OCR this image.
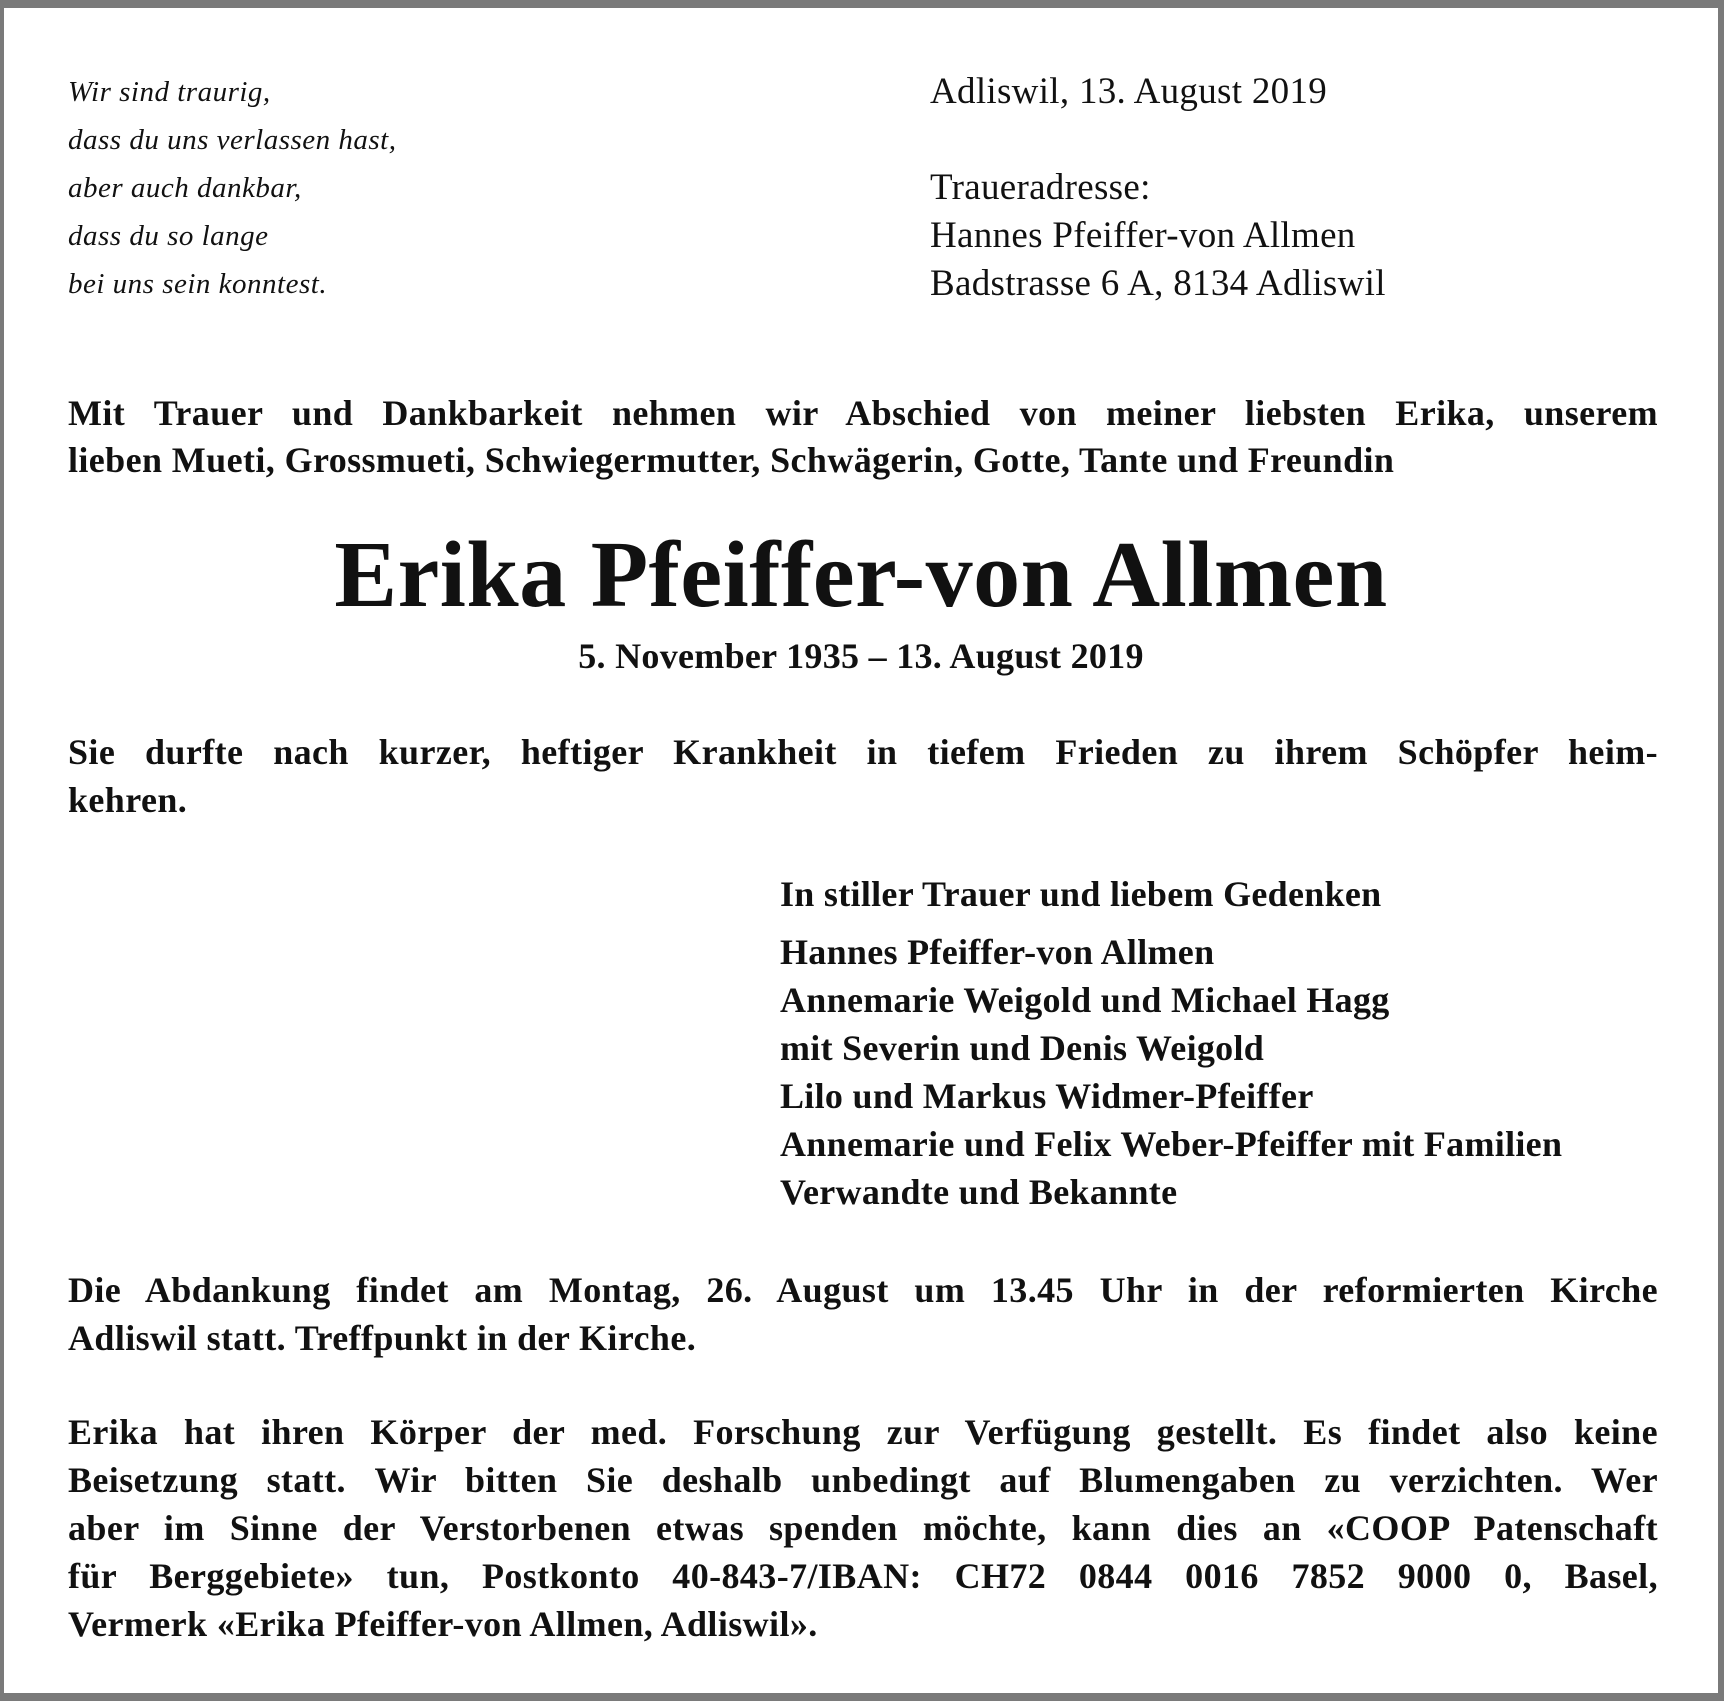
Wir sind traurig,
dass du uns verlassen hast,
aber auch dankbar,
dass du so lange
bei uns sein konntest.
Adliswil, 13. August 2019
Traueradresse:
Hannes Pfeiffer-von Allmen
Badstrasse 6 A, 8134 Adliswil
Mit Trauer und Dankbarkeit nehmen wir Abschied von meiner liebsten Erika, unserem
lieben Mueti, Grossmueti, Schwiegermutter, Schwägerin, Gotte, Tante und Freundin
Erika Pfeiffer-von Allmen
5. November 1935 – 13. August 2019
Sie durfte nach kurzer, heftiger Krankheit in tiefem Frieden zu ihrem Schöpfer heim-
kehren.
In stiller Trauer und liebem Gedenken
Hannes Pfeiffer-von Allmen
Annemarie Weigold und Michael Hagg
mit Severin und Denis Weigold
Lilo und Markus Widmer-Pfeiffer
Annemarie und Felix Weber-Pfeiffer mit Familien
Verwandte und Bekannte
Die Abdankung findet am Montag, 26. August um 13.45 Uhr in der reformierten Kirche
Adliswil statt. Treffpunkt in der Kirche.
Erika hat ihren Körper der med. Forschung zur Verfügung gestellt. Es findet also keine
Beisetzung statt. Wir bitten Sie deshalb unbedingt auf Blumengaben zu verzichten. Wer
aber im Sinne der Verstorbenen etwas spenden möchte, kann dies an «COOP Patenschaft
für Berggebiete» tun, Postkonto 40-843-7/IBAN: CH72 0844 0016 7852 9000 0, Basel,
Vermerk «Erika Pfeiffer-von Allmen, Adliswil».
